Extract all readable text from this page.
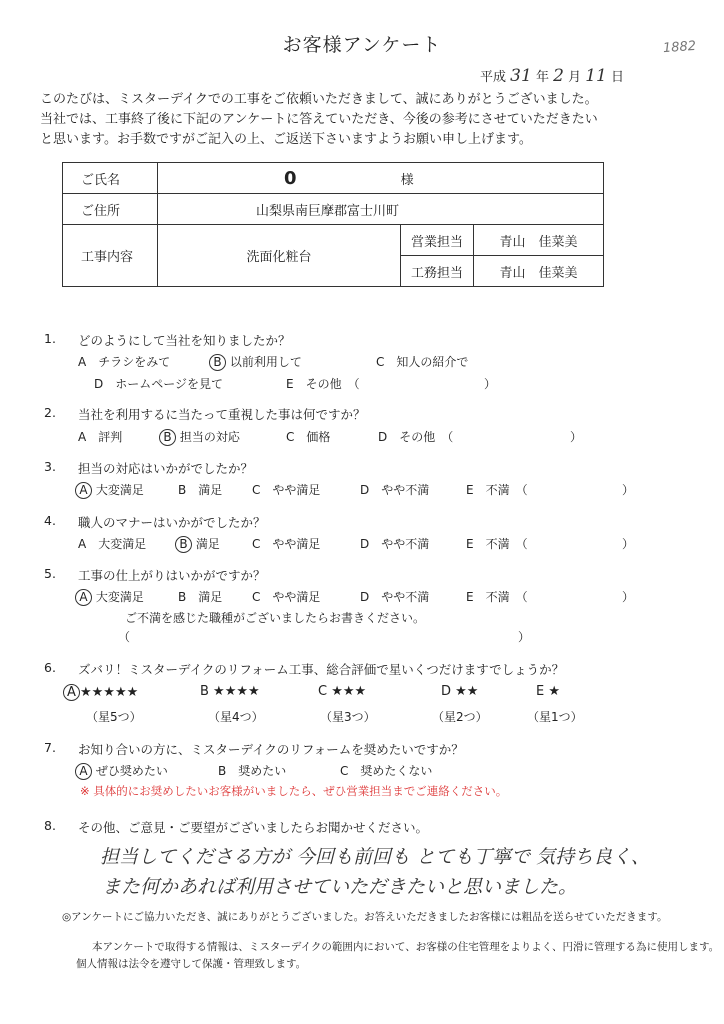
お客様アンケート	1882
平成 31 年 2 月 11 日
このたびは、ミスターデイクでの工事をご依頼いただきまして、誠にありがとうございました。
当社では、工事終了後に下記のアンケートに答えていただき、今後の参考にさせていただきたい
と思います。お手数ですがご記入の上、ご返送下さいますようお願い申し上げます。
ご氏名	0 様		
ご住所	山梨県南巨摩郡富士川町		
工事内容	洗面化粧台	営業担当	青山　佳菜美
		工務担当	青山　佳菜美
1. どのようにして当社を知りましたか？
A　チラシをみて	B 以前利用して	C　知人の紹介で
D　ホームページを見て	E　その他　（	）
2. 当社を利用するに当たって重視した事は何ですか？
A　評判	B 担当の対応	C　価格	D　その他　（	）
3. 担当の対応はいかがでしたか？
A 大変満足	B　満足 C　やや満足	D　やや不満	E　不満　（	）
4. 職人のマナーはいかがでしたか？
A　大変満足	B 満足	C　やや満足	D　やや不満	E　不満　（	）
5. 工事の仕上がりはいかがですか？
A 大変満足	B　満足 C　やや満足	D　やや不満	E　不満　（	）
ご不満を感じた職種がございましたらお書きください。
（	）
6. ズバリ！ミスターデイクのリフォーム工事、総合評価で星いくつだけますでしょうか？
A ★★★★★	B ★★★★	C ★★★	D ★★	E ★
（星5つ）	（星4つ）	（星3つ）	（星2つ）	（星1つ）
7. お知り合いの方に、ミスターデイクのリフォームを奨めたいですか？
A ぜひ奨めたい	B　奨めたい	C　奨めたくない
※ 具体的にお奨めしたいお客様がいましたら、ぜひ営業担当までご連絡ください。
8. その他、ご意見・ご要望がございましたらお聞かせください。
担当してくださる方が 今回も前回も とても丁寧で 気持ち良く、
また何かあれば利用させていただきたいと思いました。
◎アンケートにご協力いただき、誠にありがとうございました。お答えいただきましたお客様には粗品を送らせていただきます。
本アンケートで取得する情報は、ミスターデイクの範囲内において、お客様の住宅管理をよりよく、円滑に管理する為に使用します。
個人情報は法令を遵守して保護・管理致します。
